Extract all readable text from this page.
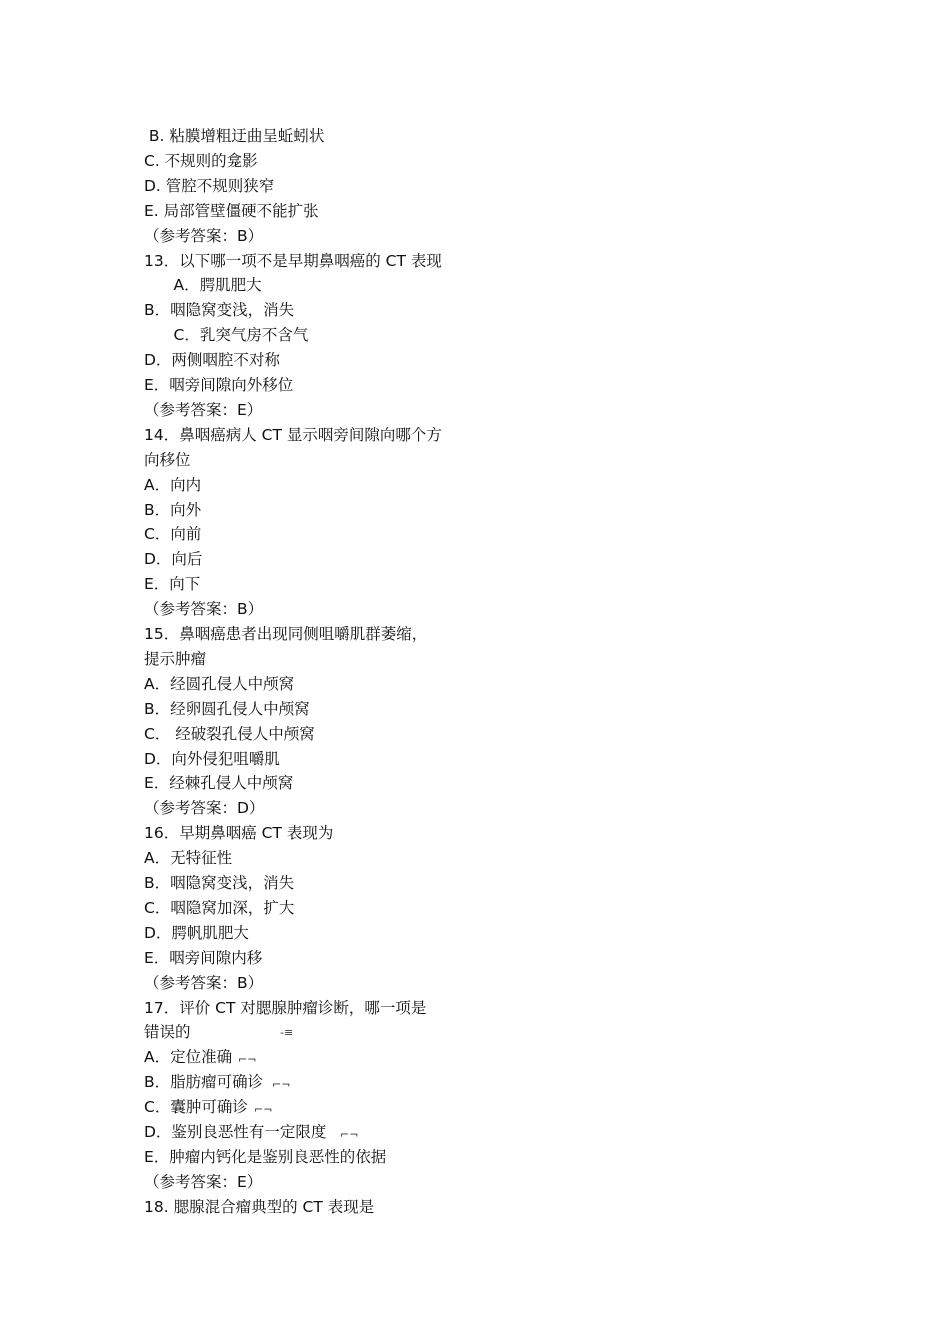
B. 粘膜增粗迂曲呈蚯蚓状
C. 不规则的龛影
D. 管腔不规则狭窄
E. 局部管壁僵硬不能扩张
（参考答案：B）
13．以下哪一项不是早期鼻咽癌的 CT 表现
A．腭肌肥大
B．咽隐窝变浅，消失
C．乳突气房不含气
D．两侧咽腔不对称
E．咽旁间隙向外移位
（参考答案：E）
14．鼻咽癌病人 CT 显示咽旁间隙向哪个方
向移位
A．向内
B．向外
C．向前
D．向后
E．向下
（参考答案：B）
15．鼻咽癌患者出现同侧咀嚼肌群萎缩，
提示肿瘤
A．经圆孔侵人中颅窝
B．经卵圆孔侵人中颅窝
C． 经破裂孔侵人中颅窝
D．向外侵犯咀嚼肌
E．经棘孔侵人中颅窝
（参考答案：D）
16．早期鼻咽癌 CT 表现为
A．无特征性
B．咽隐窝变浅，消失
C．咽隐窝加深，扩大
D．腭帆肌肥大
E．咽旁间隙内移
（参考答案：B）
17．评价 CT 对腮腺肿瘤诊断，哪一项是
错误的
A．定位准确
B．脂肪瘤可确诊
C．囊肿可确诊
D．鉴别良恶性有一定限度
E．肿瘤内钙化是鉴别良恶性的依据
（参考答案：E）
18. 腮腺混合瘤典型的 CT 表现是
-≡
⌐¬
⌐¬
⌐¬
⌐¬
